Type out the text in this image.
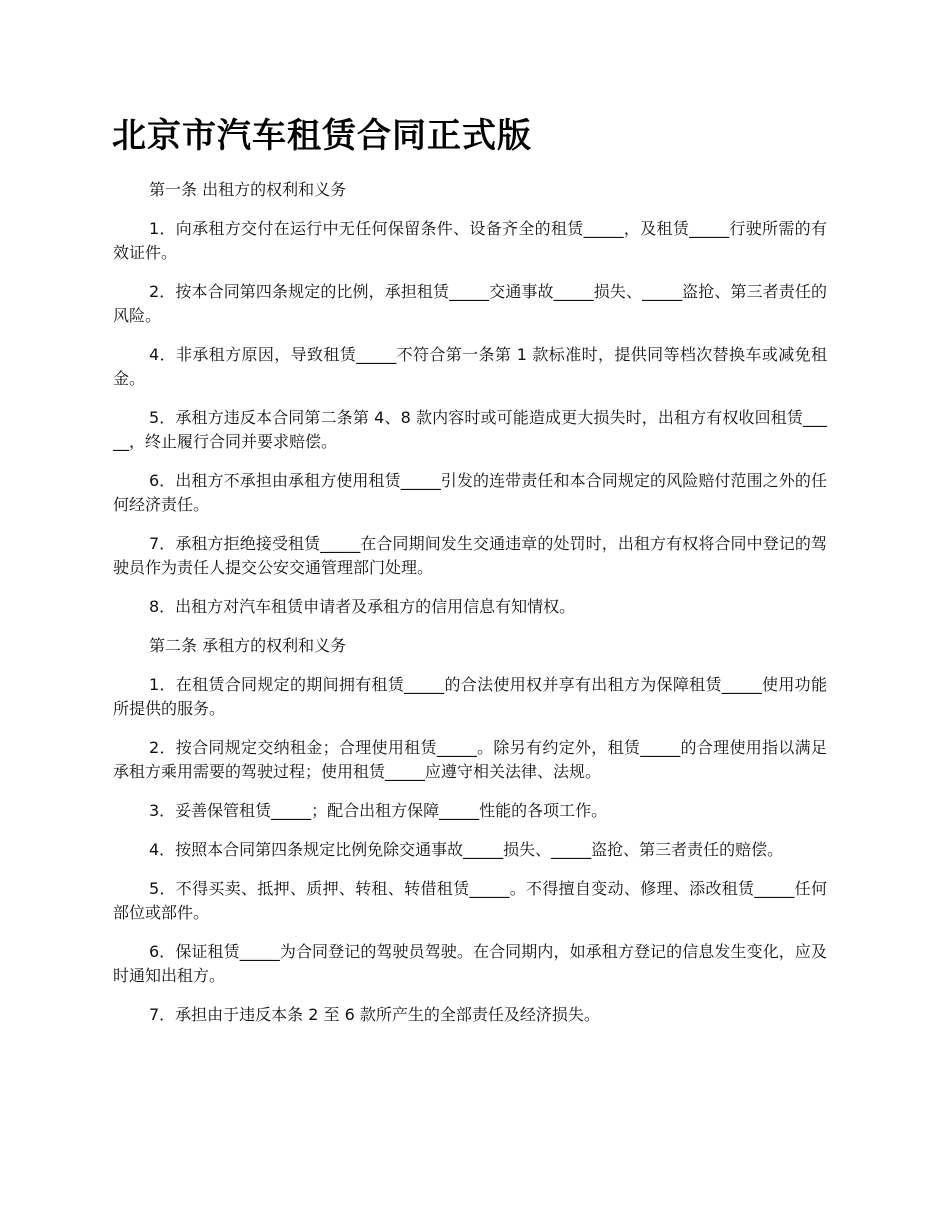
北京市汽车租赁合同正式版

第一条 出租方的权利和义务

1．向承租方交付在运行中无任何保留条件、设备齐全的租赁_____，及租赁_____行驶所需的有效证件。

2．按本合同第四条规定的比例，承担租赁_____交通事故_____损失、_____盗抢、第三者责任的风险。

4．非承租方原因，导致租赁_____不符合第一条第 1 款标准时，提供同等档次替换车或减免租金。

5．承租方违反本合同第二条第 4、8 款内容时或可能造成更大损失时，出租方有权收回租赁_____，终止履行合同并要求赔偿。

6．出租方不承担由承租方使用租赁_____引发的连带责任和本合同规定的风险赔付范围之外的任何经济责任。

7．承租方拒绝接受租赁_____在合同期间发生交通违章的处罚时，出租方有权将合同中登记的驾驶员作为责任人提交公安交通管理部门处理。

8．出租方对汽车租赁申请者及承租方的信用信息有知情权。

第二条 承租方的权利和义务

1．在租赁合同规定的期间拥有租赁_____的合法使用权并享有出租方为保障租赁_____使用功能所提供的服务。

2．按合同规定交纳租金；合理使用租赁_____。除另有约定外，租赁_____的合理使用指以满足承租方乘用需要的驾驶过程；使用租赁_____应遵守相关法律、法规。

3．妥善保管租赁_____；配合出租方保障_____性能的各项工作。

4．按照本合同第四条规定比例免除交通事故_____损失、_____盗抢、第三者责任的赔偿。

5．不得买卖、抵押、质押、转租、转借租赁_____。不得擅自变动、修理、添改租赁_____任何部位或部件。

6．保证租赁_____为合同登记的驾驶员驾驶。在合同期内，如承租方登记的信息发生变化，应及时通知出租方。

7．承担由于违反本条 2 至 6 款所产生的全部责任及经济损失。
